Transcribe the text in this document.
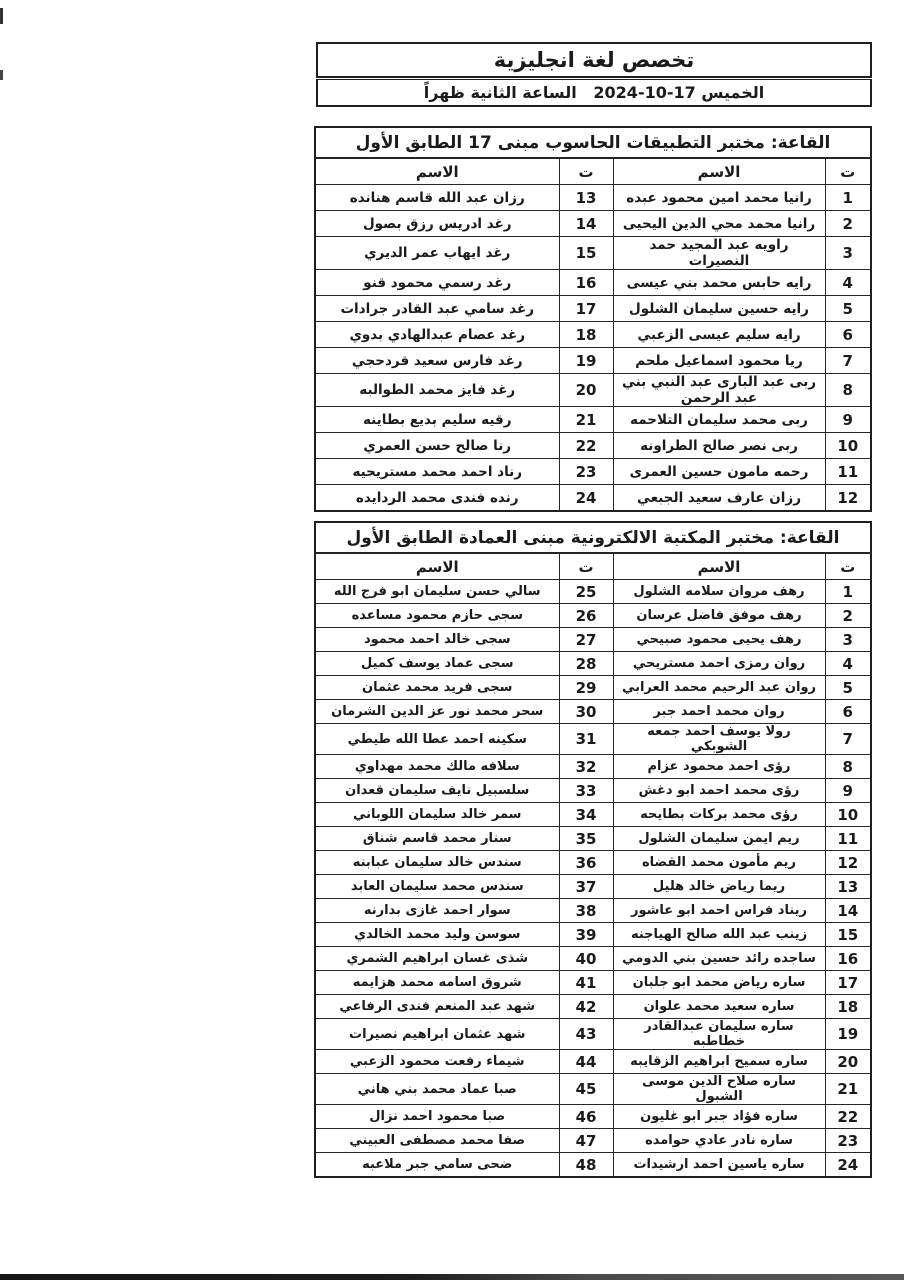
تخصص لغة انجليزية
الخميس 17-10-2024   الساعة الثانية ظهراً
القاعة: مختبر التطبيقات الحاسوب مبنى 17 الطابق الأول			
ت	الاسم	ت	الاسم
1	رانيا محمد امين محمود عبده	13	رزان عبد الله قاسم هنانده
2	رانيا محمد محي الدين اليحيى	14	رغد ادريس رزق بصول
3	راويه عبد المجيد حمد النصيرات	15	رغد ايهاب عمر الديري
4	رايه حابس محمد بني عيسى	16	رغد رسمي محمود قنو
5	رايه حسين سليمان الشلول	17	رغد سامي عبد القادر جرادات
6	رايه سليم عيسى الزعبي	18	رغد عصام عبدالهادي بدوي
7	ريا محمود اسماعيل ملحم	19	رغد فارس سعيد قردحجي
8	ربى عبد البارى عبد النبي بني عبد الرحمن	20	رغد فايز محمد الطوالبه
9	ربى محمد سليمان التلاحمه	21	رقيه سليم بديع بطاينه
10	ربى نصر صالح الطراونه	22	رنا صالح حسن العمري
11	رحمه مامون حسين العمرى	23	رناد احمد محمد مستريحيه
12	رزان عارف سعيد الجبعي	24	رنده فندى محمد الردايده
القاعة: مختبر المكتبة الالكترونية مبنى العمادة الطابق الأول			
ت	الاسم	ت	الاسم
1	رهف مروان سلامه الشلول	25	سالي حسن سليمان ابو فرج الله
2	رهف موفق فاضل عرسان	26	سجى حازم محمود مساعده
3	رهف يحيى محمود صبيحي	27	سجى خالد احمد محمود
4	روان رمزى احمد مستريحي	28	سجى عماد يوسف كميل
5	روان عبد الرحيم محمد العرابي	29	سجى فريد محمد عثمان
6	روان محمد احمد جبر	30	سحر محمد نور عز الدين الشرمان
7	رولا يوسف احمد جمعه الشوبكي	31	سكينه احمد عطا الله طيطي
8	رؤى احمد محمود عزام	32	سلافه مالك محمد مهداوي
9	رؤى محمد احمد ابو دغش	33	سلسبيل نايف سليمان قعدان
10	رؤى محمد بركات بطايحه	34	سمر خالد سليمان اللوباني
11	ريم ايمن سليمان الشلول	35	سنار محمد قاسم شناق
12	ريم مأمون محمد القضاه	36	سندس خالد سليمان عبابنه
13	ريما رياض خالد هليل	37	سندس محمد سليمان العابد
14	ريناد فراس احمد ابو عاشور	38	سوار احمد غازى بدارنه
15	زينب عبد الله صالح الهياجنه	39	سوسن وليد محمد الخالدي
16	ساجده رائد حسين بني الدومي	40	شذى غسان ابراهيم الشمري
17	ساره رياض محمد ابو جلبان	41	شروق اسامه محمد هزايمه
18	ساره سعيد محمد علوان	42	شهد عبد المنعم فندى الرفاعي
19	ساره سليمان عبدالقادر خطاطبه	43	شهد عثمان ابراهيم نصيرات
20	ساره سميح ابراهيم الزقايبه	44	شيماء رفعت محمود الزعبي
21	ساره صلاح الدين موسى الشبول	45	صبا عماد محمد بني هاني
22	ساره فؤاد جبر ابو غليون	46	صبا محمود احمد نزال
23	ساره نادر عادي حوامده	47	صفا محمد مصطفى العبيني
24	ساره ياسين احمد ارشيدات	48	ضحى سامي جبر ملاعبه
